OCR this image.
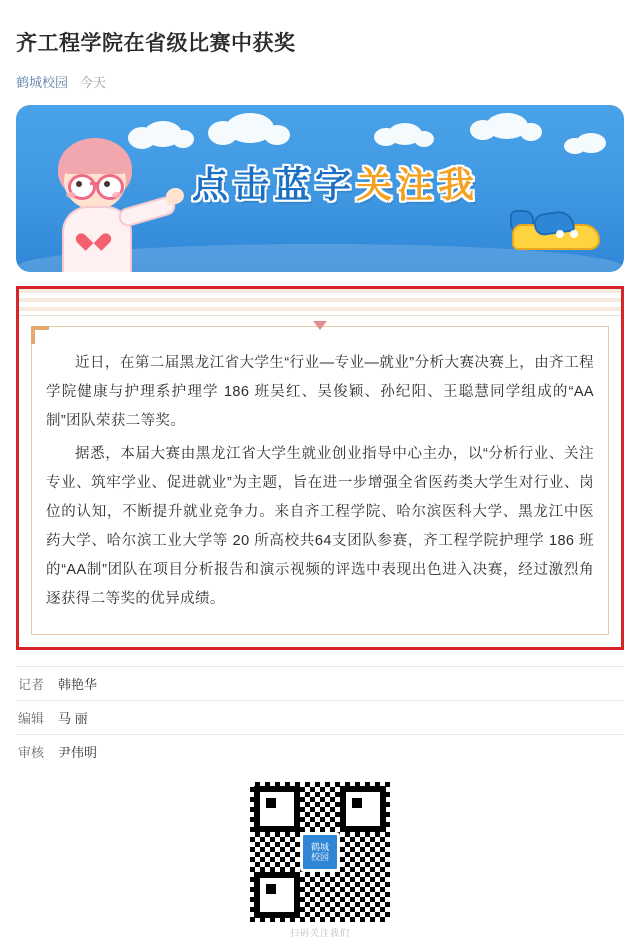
齐工程学院在省级比赛中获奖
鹤城校园 今天
点击蓝字关注我

近日，在第二届黑龙江省大学生“行业—专业—就业”分析大赛决赛上，由齐工程学院健康与护理系护理学 186 班吴红、吴俊颖、孙纪阳、王聪慧同学组成的“AA制”团队荣获二等奖。

据悉，本届大赛由黑龙江省大学生就业创业指导中心主办，以“分析行业、关注专业、筑牢学业、促进就业”为主题，旨在进一步增强全省医药类大学生对行业、岗位的认知，不断提升就业竞争力。来自齐工程学院、哈尔滨医科大学、黑龙江中医药大学、哈尔滨工业大学等 20 所高校共64支团队参赛，齐工程学院护理学 186 班的“AA制”团队在项目分析报告和演示视频的评选中表现出色进入决赛，经过激烈角逐获得二等奖的优异成绩。

记者 韩艳华
编辑 马 丽
审核 尹伟明
鹤城
校园
扫码关注我们
